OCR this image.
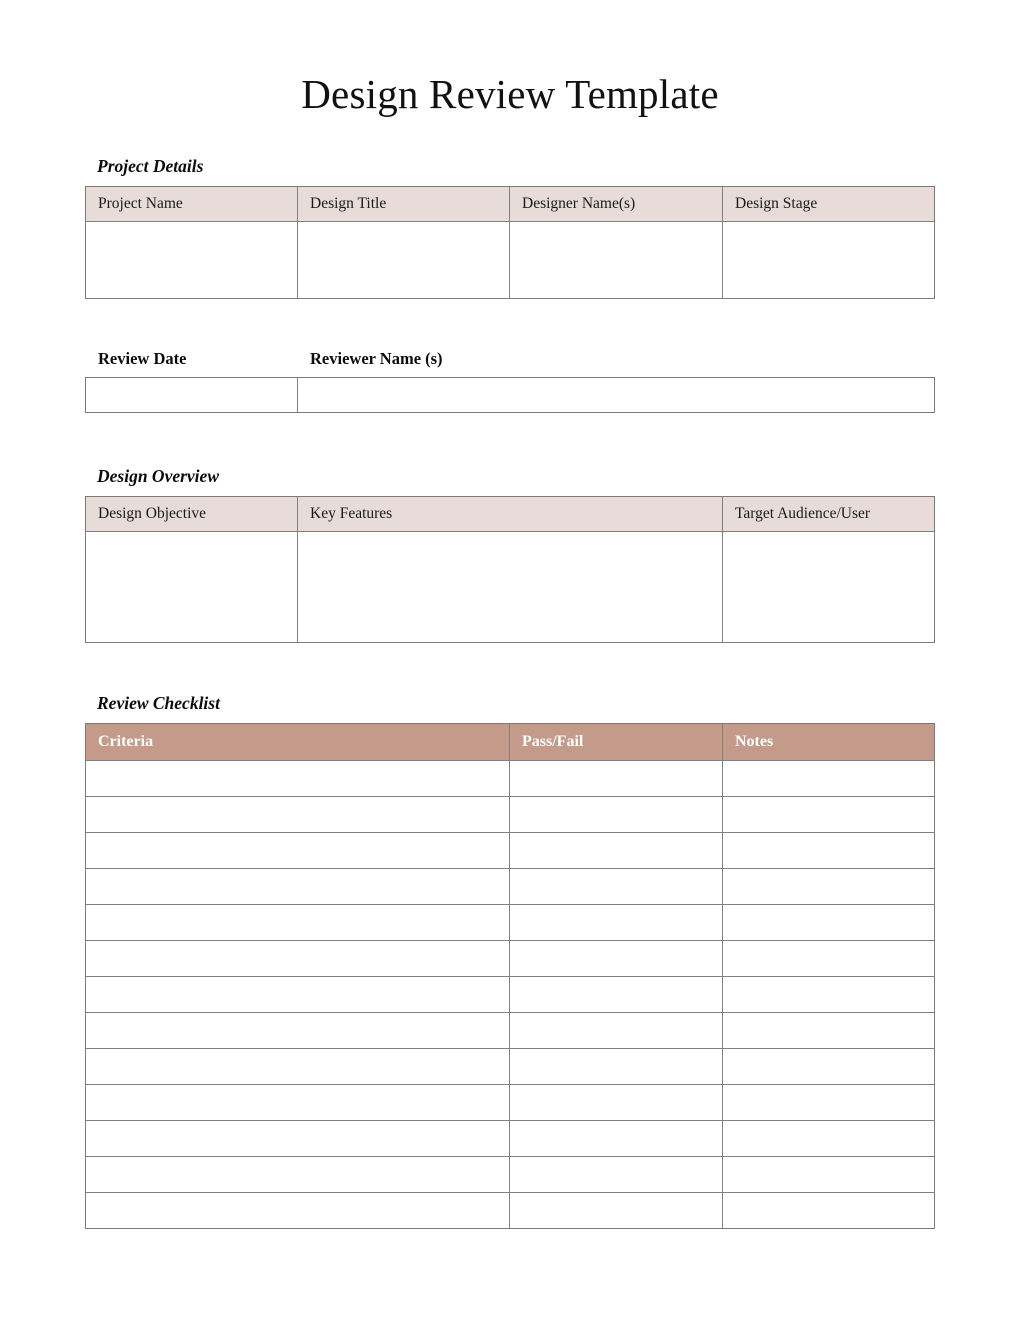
Design Review Template
Project Details
Project Name	Design Title	Designer Name(s)	Design Stage

Review Date	Reviewer Name (s)

Design Overview
Design Objective	Key Features	Target Audience/User

Review Checklist
Criteria	Pass/Fail	Notes
